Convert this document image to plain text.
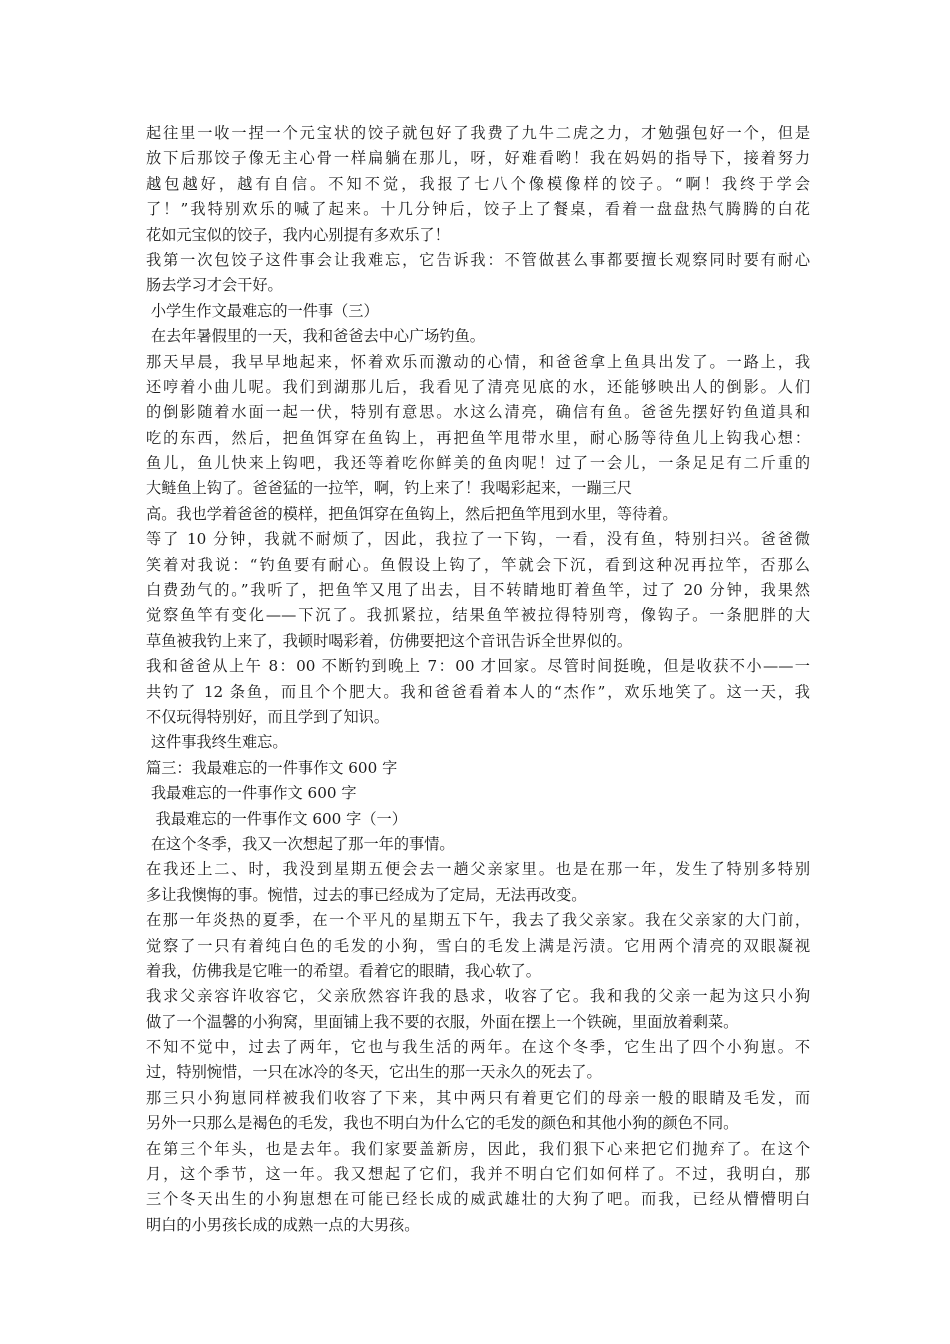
起往里一收一捏一个元宝状的饺子就包好了我费了九牛二虎之力，才勉强包好一个，但是
放下后那饺子像无主心骨一样扁躺在那儿，呀，好难看哟！我在妈妈的指导下，接着努力
越包越好，越有自信。不知不觉，我报了七八个像模像样的饺子。“啊！我终于学会
了！”我特别欢乐的喊了起来。十几分钟后，饺子上了餐桌，看着一盘盘热气腾腾的白花
花如元宝似的饺子，我内心别提有多欢乐了！
我第一次包饺子这件事会让我难忘，它告诉我：不管做甚么事都要擅长观察同时要有耐心
肠去学习才会干好。
小学生作文最难忘的一件事（三）
在去年暑假里的一天，我和爸爸去中心广场钓鱼。
那天早晨，我早早地起来，怀着欢乐而激动的心情，和爸爸拿上鱼具出发了。一路上，我
还哼着小曲儿呢。我们到湖那儿后，我看见了清亮见底的水，还能够映出人的倒影。人们
的倒影随着水面一起一伏，特别有意思。水这么清亮，确信有鱼。爸爸先摆好钓鱼道具和
吃的东西，然后，把鱼饵穿在鱼钩上，再把鱼竿甩带水里，耐心肠等待鱼儿上钩我心想：
鱼儿，鱼儿快来上钩吧，我还等着吃你鲜美的鱼肉呢！过了一会儿，一条足足有二斤重的
大鲢鱼上钩了。爸爸猛的一拉竿，啊，钓上来了！我喝彩起来，一蹦三尺
高。我也学着爸爸的模样，把鱼饵穿在鱼钩上，然后把鱼竿甩到水里，等待着。
等了 10 分钟，我就不耐烦了，因此，我拉了一下钩，一看，没有鱼，特别扫兴。爸爸微
笑着对我说：“钓鱼要有耐心。鱼假设上钩了，竿就会下沉，看到这种况再拉竿，否那么
白费劲气的。”我听了，把鱼竿又甩了出去，目不转睛地盯着鱼竿，过了 20 分钟，我果然
觉察鱼竿有变化——下沉了。我抓紧拉，结果鱼竿被拉得特别弯，像钩子。一条肥胖的大
草鱼被我钓上来了，我顿时喝彩着，仿佛要把这个音讯告诉全世界似的。
我和爸爸从上午 8：00 不断钓到晚上 7：00 才回家。尽管时间挺晚，但是收获不小——一
共钓了 12 条鱼，而且个个肥大。我和爸爸看着本人的“杰作”，欢乐地笑了。这一天，我
不仅玩得特别好，而且学到了知识。
这件事我终生难忘。
篇三：我最难忘的一件事作文 600 字
我最难忘的一件事作文 600 字
我最难忘的一件事作文 600 字（一）
在这个冬季，我又一次想起了那一年的事情。
在我还上二、时，我没到星期五便会去一趟父亲家里。也是在那一年，发生了特别多特别
多让我懊悔的事。惋惜，过去的事已经成为了定局，无法再改变。
在那一年炎热的夏季，在一个平凡的星期五下午，我去了我父亲家。我在父亲家的大门前，
觉察了一只有着纯白色的毛发的小狗，雪白的毛发上满是污渍。它用两个清亮的双眼凝视
着我，仿佛我是它唯一的希望。看着它的眼睛，我心软了。
我求父亲容许收容它，父亲欣然容许我的恳求，收容了它。我和我的父亲一起为这只小狗
做了一个温馨的小狗窝，里面铺上我不要的衣服，外面在摆上一个铁碗，里面放着剩菜。
不知不觉中，过去了两年，它也与我生活的两年。在这个冬季，它生出了四个小狗崽。不
过，特别惋惜，一只在冰冷的冬天，它出生的那一天永久的死去了。
那三只小狗崽同样被我们收容了下来，其中两只有着更它们的母亲一般的眼睛及毛发，而
另外一只那么是褐色的毛发，我也不明白为什么它的毛发的颜色和其他小狗的颜色不同。
在第三个年头，也是去年。我们家要盖新房，因此，我们狠下心来把它们抛弃了。在这个
月，这个季节，这一年。我又想起了它们，我并不明白它们如何样了。不过，我明白，那
三个冬天出生的小狗崽想在可能已经长成的威武雄壮的大狗了吧。而我，已经从懵懵明白
明白的小男孩长成的成熟一点的大男孩。
